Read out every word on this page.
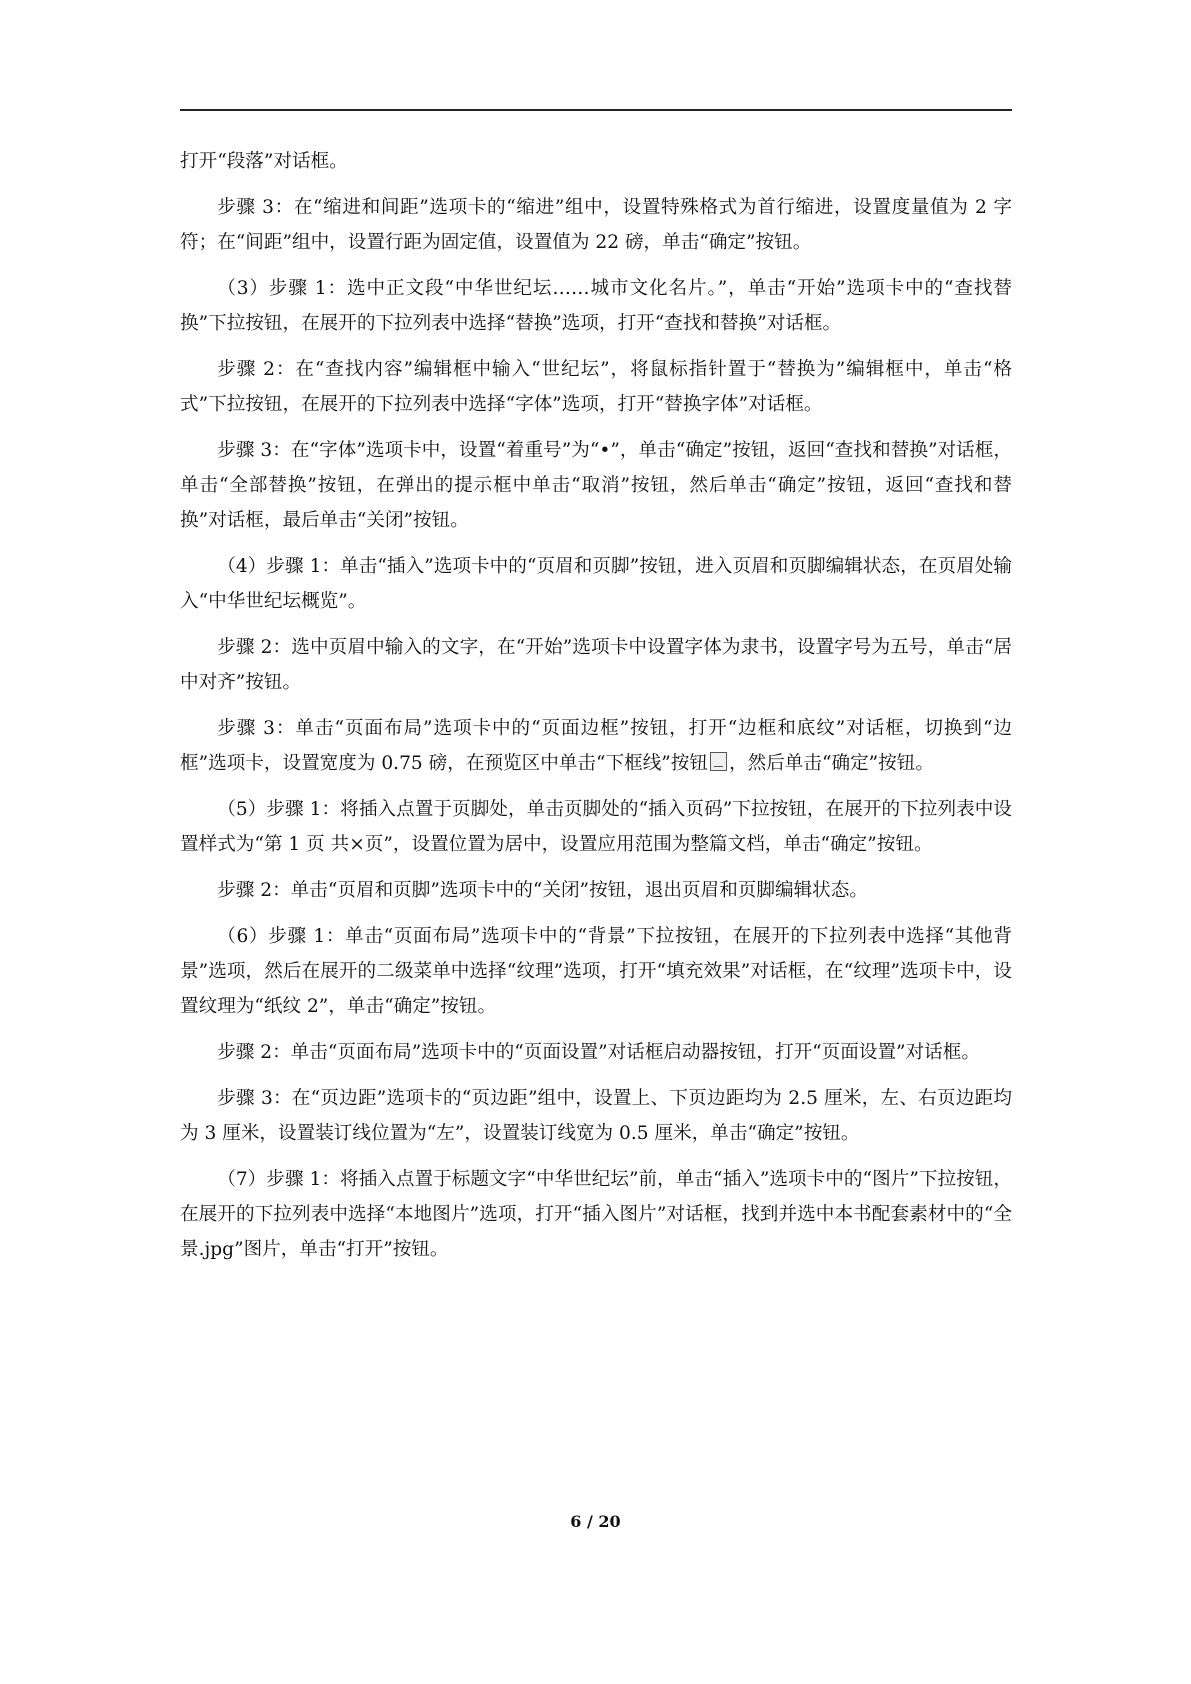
打开“段落”对话框。

步骤 3：在“缩进和间距”选项卡的“缩进”组中，设置特殊格式为首行缩进，设置度量值为 2 字符；在“间距”组中，设置行距为固定值，设置值为 22 磅，单击“确定”按钮。

（3）步骤 1：选中正文段“中华世纪坛……城市文化名片。”，单击“开始”选项卡中的“查找替换”下拉按钮，在展开的下拉列表中选择“替换”选项，打开“查找和替换”对话框。

步骤 2：在“查找内容”编辑框中输入“世纪坛”，将鼠标指针置于“替换为”编辑框中，单击“格式”下拉按钮，在展开的下拉列表中选择“字体”选项，打开“替换字体”对话框。

步骤 3：在“字体”选项卡中，设置“着重号”为“•”，单击“确定”按钮，返回“查找和替换”对话框，单击“全部替换”按钮，在弹出的提示框中单击“取消”按钮，然后单击“确定”按钮，返回“查找和替换”对话框，最后单击“关闭”按钮。

（4）步骤 1：单击“插入”选项卡中的“页眉和页脚”按钮，进入页眉和页脚编辑状态，在页眉处输入“中华世纪坛概览”。

步骤 2：选中页眉中输入的文字，在“开始”选项卡中设置字体为隶书，设置字号为五号，单击“居中对齐”按钮。

步骤 3：单击“页面布局”选项卡中的“页面边框”按钮，打开“边框和底纹”对话框，切换到“边框”选项卡，设置宽度为 0.75 磅，在预览区中单击“下框线”按钮 ，然后单击“确定”按钮。

（5）步骤 1：将插入点置于页脚处，单击页脚处的“插入页码”下拉按钮，在展开的下拉列表中设置样式为“第 1 页 共×页”，设置位置为居中，设置应用范围为整篇文档，单击“确定”按钮。

步骤 2：单击“页眉和页脚”选项卡中的“关闭”按钮，退出页眉和页脚编辑状态。

（6）步骤 1：单击“页面布局”选项卡中的“背景”下拉按钮，在展开的下拉列表中选择“其他背景”选项，然后在展开的二级菜单中选择“纹理”选项，打开“填充效果”对话框，在“纹理”选项卡中，设置纹理为“纸纹 2”，单击“确定”按钮。

步骤 2：单击“页面布局”选项卡中的“页面设置”对话框启动器按钮，打开“页面设置”对话框。

步骤 3：在“页边距”选项卡的“页边距”组中，设置上、下页边距均为 2.5 厘米，左、右页边距均为 3 厘米，设置装订线位置为“左”，设置装订线宽为 0.5 厘米，单击“确定”按钮。

（7）步骤 1：将插入点置于标题文字“中华世纪坛”前，单击“插入”选项卡中的“图片”下拉按钮，在展开的下拉列表中选择“本地图片”选项，打开“插入图片”对话框，找到并选中本书配套素材中的“全景.jpg”图片，单击“打开”按钮。

6 / 20
